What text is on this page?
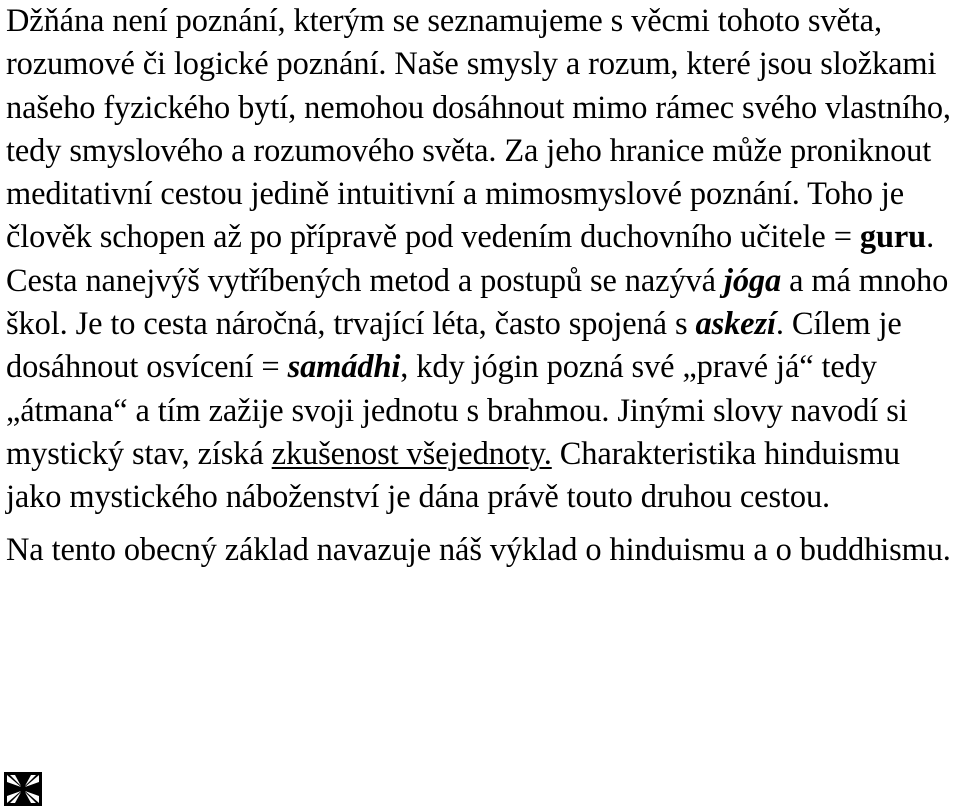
Džňána není poznání, kterým se seznamujeme s věcmi tohoto světa, rozumové či logické poznání. Naše smysly a rozum, které jsou složkami našeho fyzického bytí, nemohou dosáhnout mimo rámec svého vlastního, tedy smyslového a rozumového světa. Za jeho hranice může proniknout meditativní cestou jedině intuitivní a mimosmyslové poznání. Toho je člověk schopen až po přípravě pod vedením duchovního učitele = guru. Cesta nanejvýš vytříbených metod a postupů se nazývá jóga a má mnoho škol. Je to cesta náročná, trvající léta, často spojená s askezí. Cílem je dosáhnout osvícení = samádhi, kdy jógin pozná své „pravé já“ tedy „átmana“ a tím zažije svoji jednotu s brahmou. Jinými slovy navodí si mystický stav, získá zkušenost všejednoty. Charakteristika hinduismu jako mystického náboženství je dána právě touto druhou cestou.

Na tento obecný základ navazuje náš výklad o hinduismu a o buddhismu.
